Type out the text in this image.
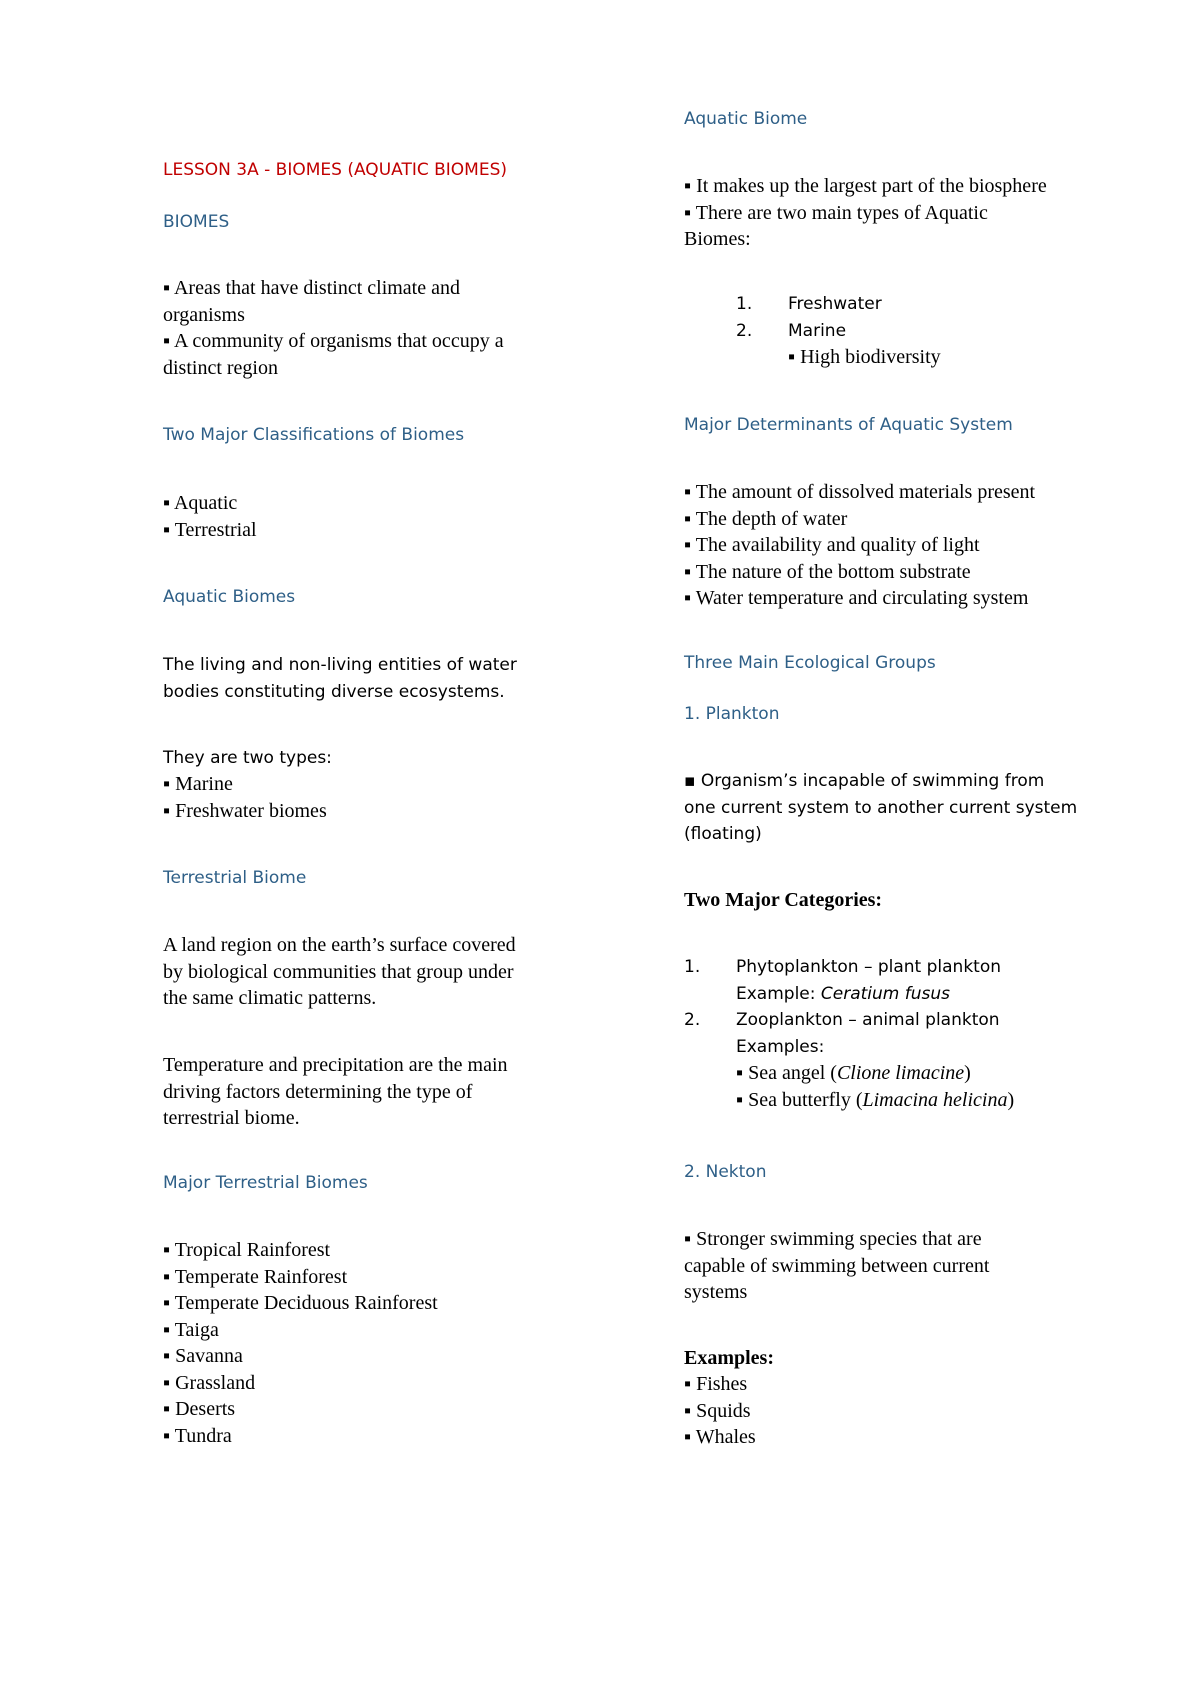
LESSON 3A - BIOMES (AQUATIC BIOMES)
BIOMES
▪ Areas that have distinct climate and
organisms
▪ A community of organisms that occupy a
distinct region
Two Major Classifications of Biomes
▪ Aquatic
▪ Terrestrial
Aquatic Biomes
The living and non-living entities of water
bodies constituting diverse ecosystems.
They are two types:
▪ Marine
▪ Freshwater biomes
Terrestrial Biome
A land region on the earth’s surface covered
by biological communities that group under
the same climatic patterns.
Temperature and precipitation are the main
driving factors determining the type of
terrestrial biome.
Major Terrestrial Biomes
▪ Tropical Rainforest
▪ Temperate Rainforest
▪ Temperate Deciduous Rainforest
▪ Taiga
▪ Savanna
▪ Grassland
▪ Deserts
▪ Tundra
Aquatic Biome
▪ It makes up the largest part of the biosphere
▪ There are two main types of Aquatic
Biomes:
1. Freshwater
2. Marine
▪ High biodiversity
Major Determinants of Aquatic System
▪ The amount of dissolved materials present
▪ The depth of water
▪ The availability and quality of light
▪ The nature of the bottom substrate
▪ Water temperature and circulating system
Three Main Ecological Groups
1. Plankton
▪ Organism’s incapable of swimming from
one current system to another current system
(floating)
Two Major Categories:
1. Phytoplankton – plant plankton
Example: Ceratium fusus
2. Zooplankton – animal plankton
Examples:
▪ Sea angel (Clione limacine)
▪ Sea butterfly (Limacina helicina)
2. Nekton
▪ Stronger swimming species that are
capable of swimming between current
systems
Examples:
▪ Fishes
▪ Squids
▪ Whales
